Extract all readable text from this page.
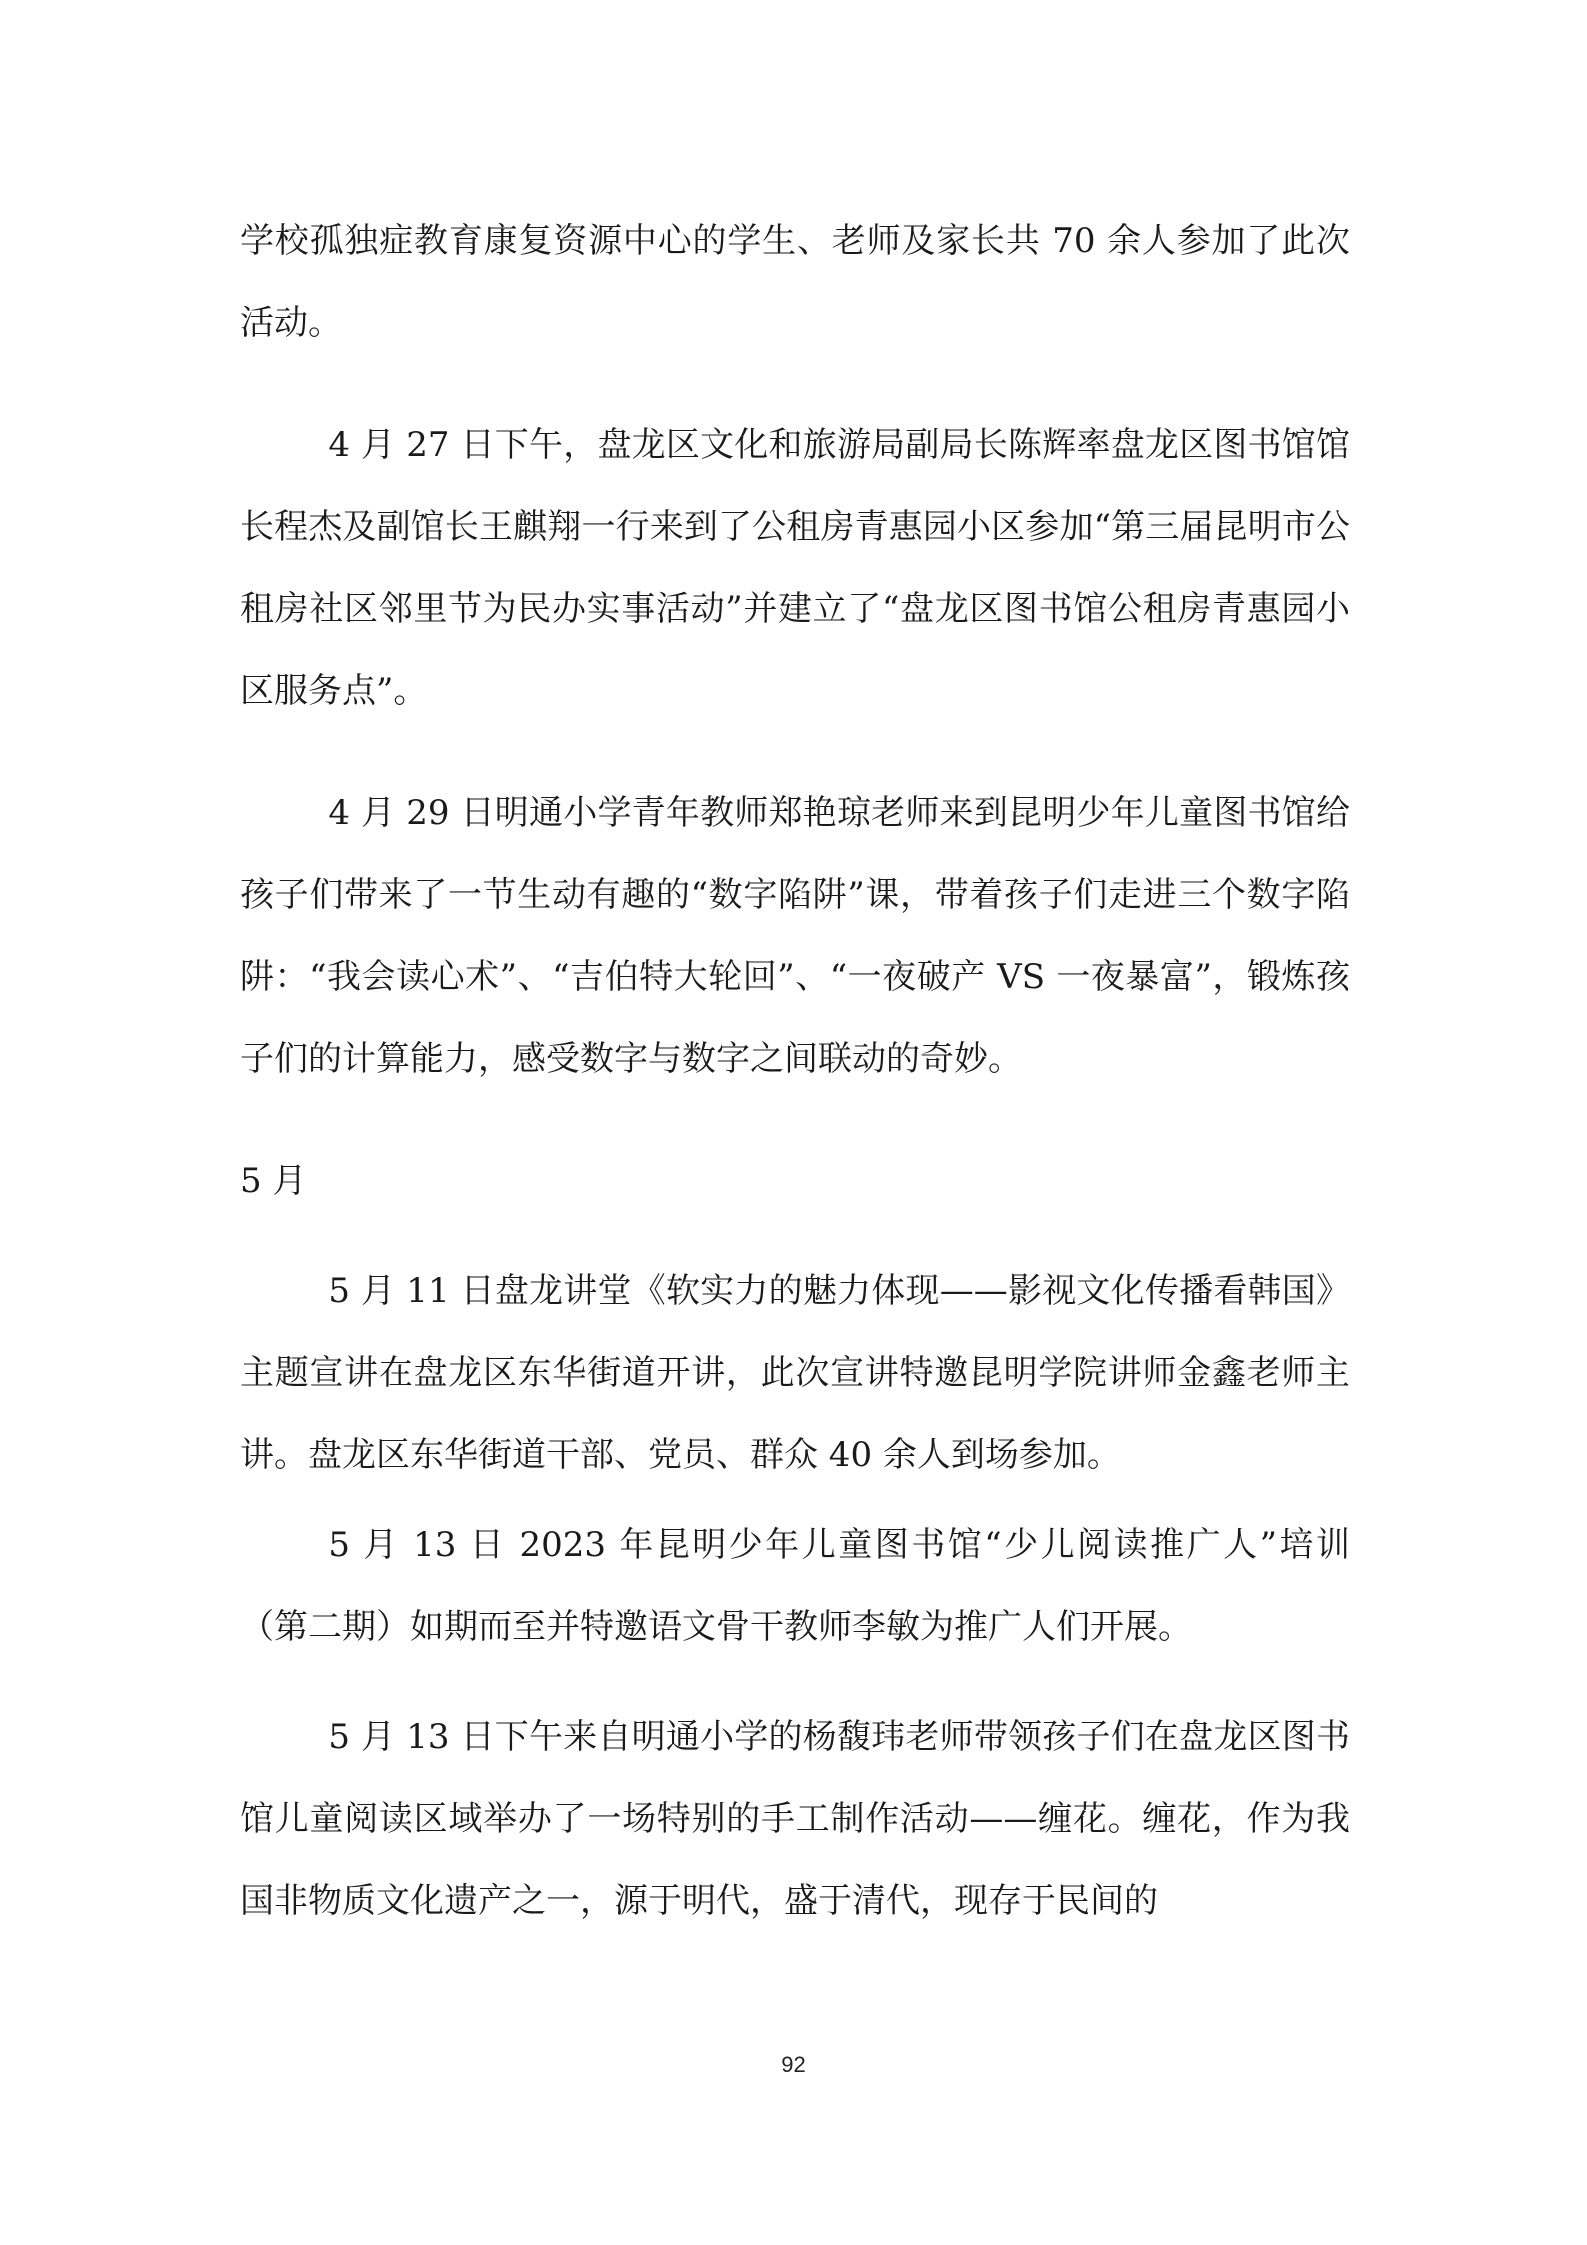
学校孤独症教育康复资源中心的学生、老师及家长共 70 余人参加了此次活动。

4 月 27 日下午，盘龙区文化和旅游局副局长陈辉率盘龙区图书馆馆长程杰及副馆长王麒翔一行来到了公租房青惠园小区参加“第三届昆明市公租房社区邻里节为民办实事活动”并建立了“盘龙区图书馆公租房青惠园小区服务点”。

4 月 29 日明通小学青年教师郑艳琼老师来到昆明少年儿童图书馆给孩子们带来了一节生动有趣的“数字陷阱”课，带着孩子们走进三个数字陷阱：“我会读心术”、“吉伯特大轮回”、“一夜破产 VS 一夜暴富”，锻炼孩子们的计算能力，感受数字与数字之间联动的奇妙。

5 月

5 月 11 日盘龙讲堂《软实力的魅力体现——影视文化传播看韩国》主题宣讲在盘龙区东华街道开讲，此次宣讲特邀昆明学院讲师金鑫老师主讲。盘龙区东华街道干部、党员、群众 40 余人到场参加。

5 月 13 日 2023 年昆明少年儿童图书馆“少儿阅读推广人”培训（第二期）如期而至并特邀语文骨干教师李敏为推广人们开展。

5 月 13 日下午来自明通小学的杨馥玮老师带领孩子们在盘龙区图书馆儿童阅读区域举办了一场特别的手工制作活动——缠花。缠花，作为我国非物质文化遗产之一，源于明代，盛于清代，现存于民间的

92
